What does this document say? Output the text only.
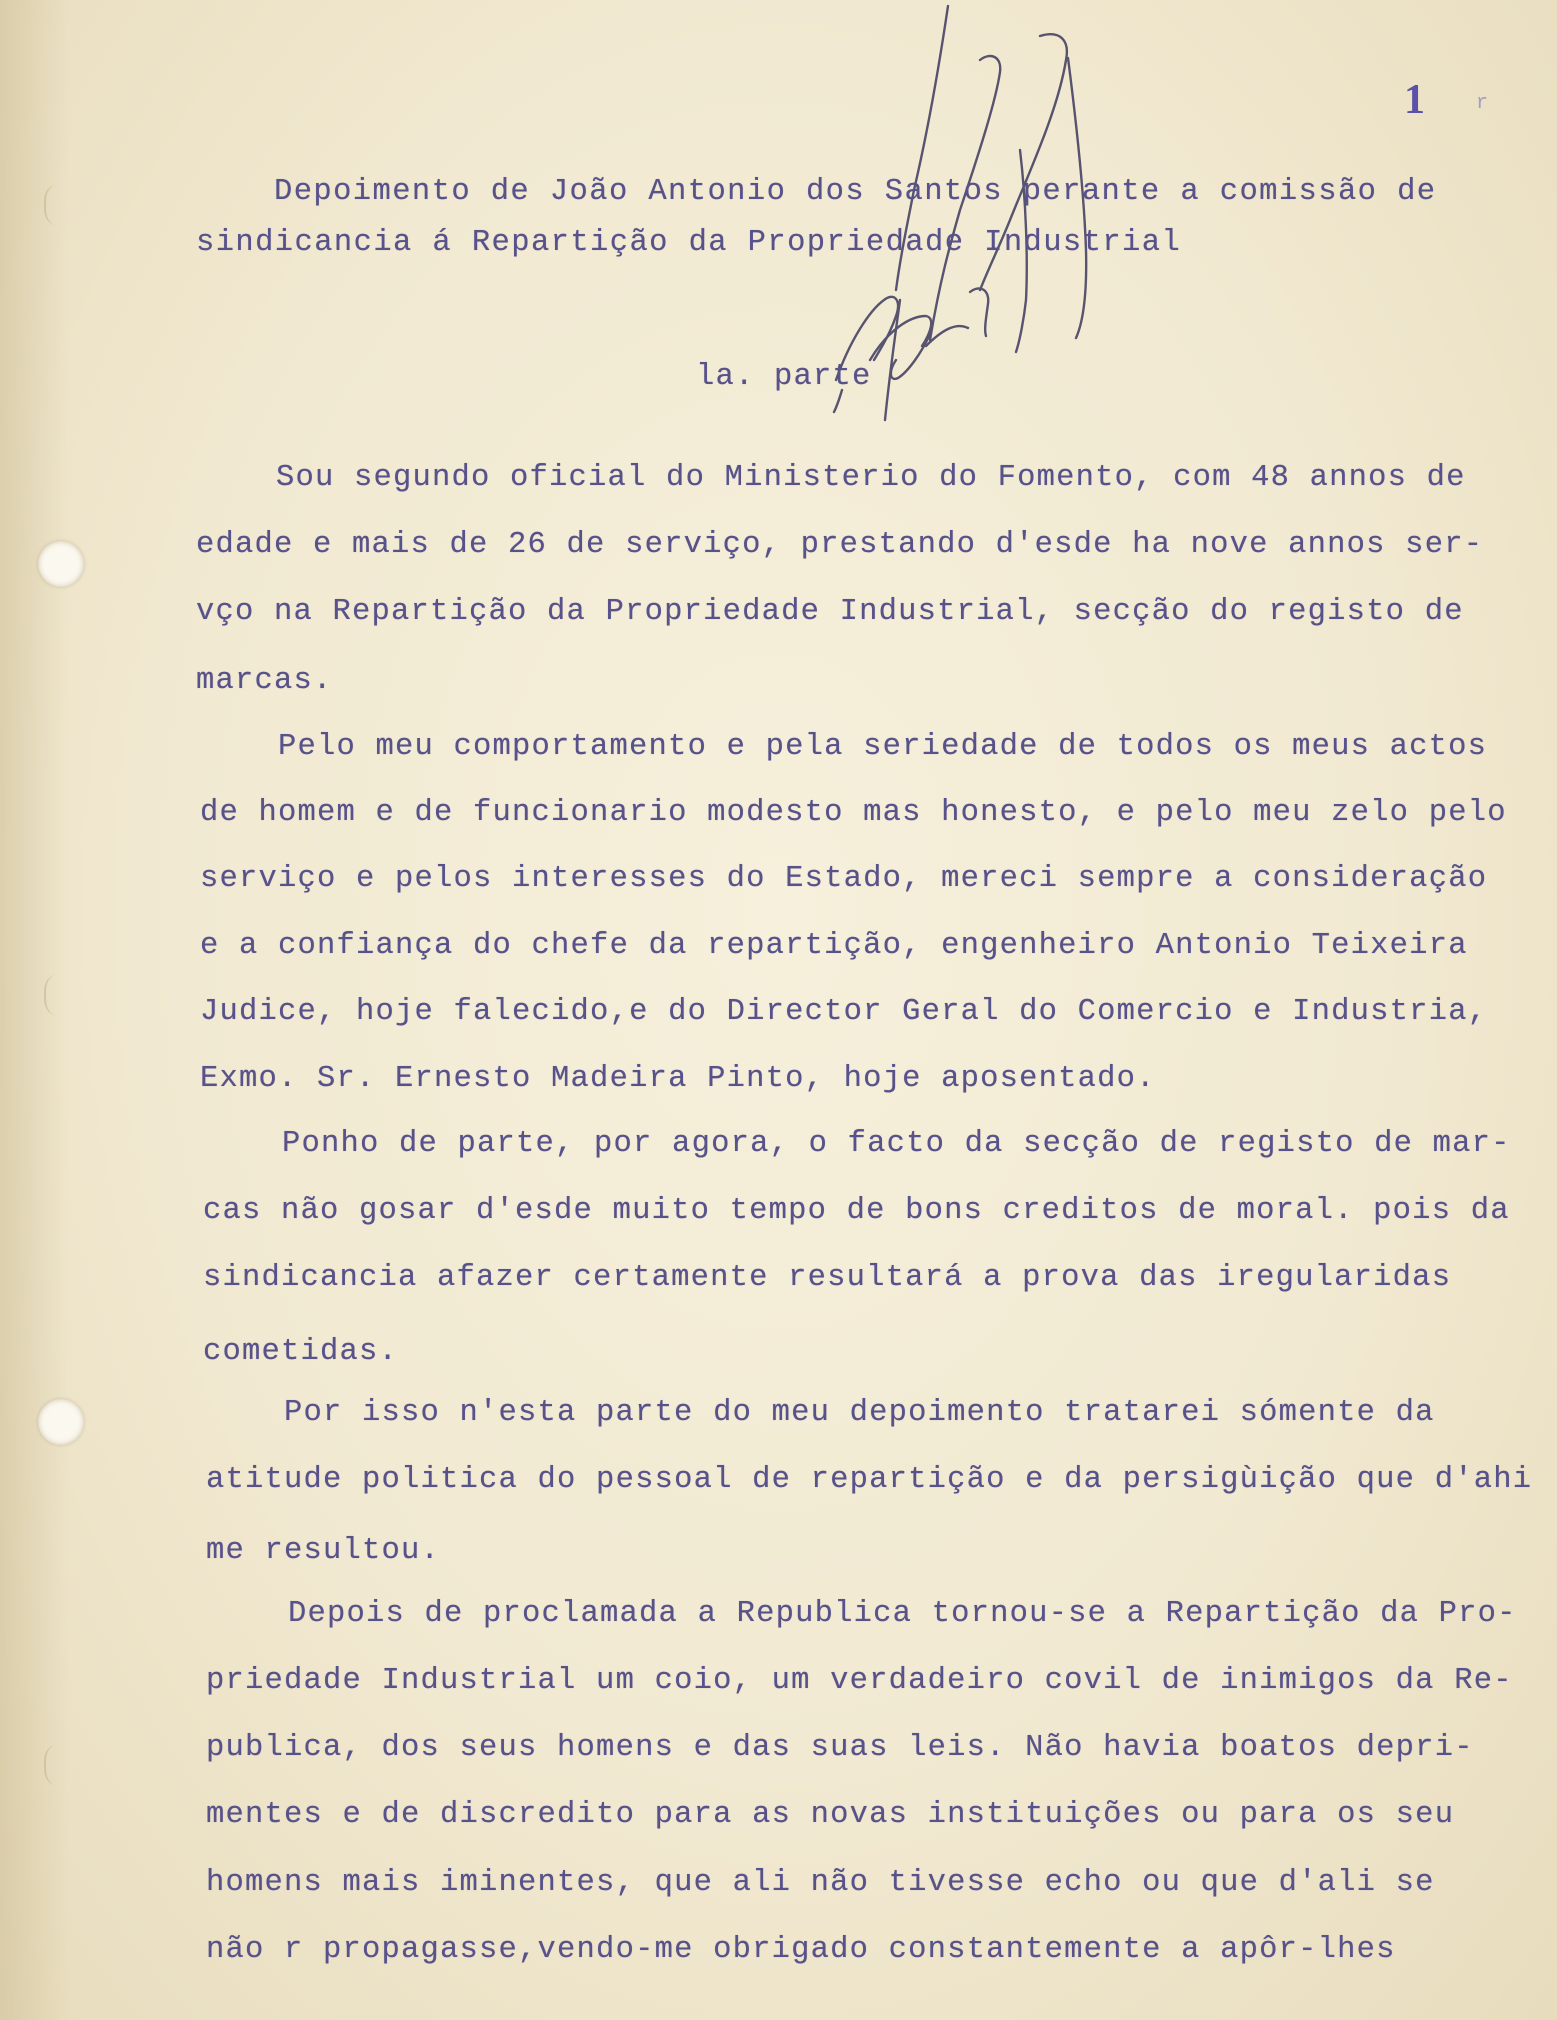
1	r
Depoimento de João Antonio dos Santos perante a comissão de
sindicancia á Repartição da Propriedade Industrial
la. parte
Sou segundo oficial do Ministerio do Fomento, com 48 annos de
edade e mais de 26 de serviço, prestando d'esde ha nove annos ser-
vço na Repartição da Propriedade Industrial, secção do registo de
marcas.
Pelo meu comportamento e pela seriedade de todos os meus actos
de homem e de funcionario modesto mas honesto, e pelo meu zelo pelo
serviço e pelos interesses do Estado, mereci sempre a consideração
e a confiança do chefe da repartição, engenheiro Antonio Teixeira
Judice, hoje falecido,e do Director Geral do Comercio e Industria,
Exmo. Sr. Ernesto Madeira Pinto, hoje aposentado.
Ponho de parte, por agora, o facto da secção de registo de mar-
cas não gosar d'esde muito tempo de bons creditos de moral. pois da
sindicancia afazer certamente resultará a prova das iregularidas
cometidas.
Por isso n'esta parte do meu depoimento tratarei sómente da
atitude politica do pessoal de repartição e da persigùição que d'ahi
me resultou.
Depois de proclamada a Republica tornou-se a Repartição da Pro-
priedade Industrial um coio, um verdadeiro covil de inimigos da Re-
publica, dos seus homens e das suas leis. Não havia boatos depri-
mentes e de discredito para as novas instituições ou para os seu
homens mais iminentes, que ali não tivesse echo ou que d'ali se
não r propagasse,vendo-me obrigado constantemente a apôr-lhes
